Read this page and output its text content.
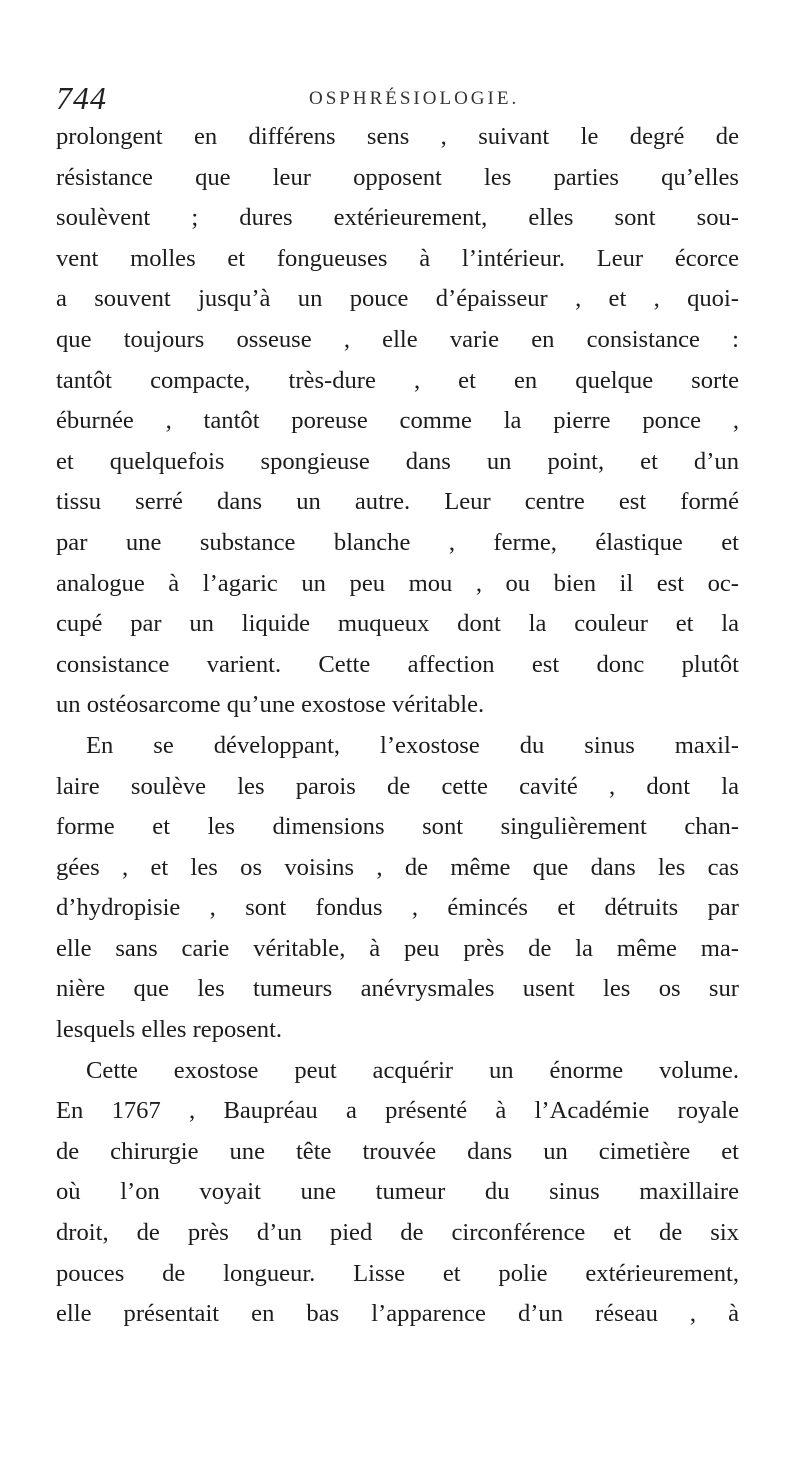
744	OSPHRÉSIOLOGIE.
prolongent en différens sens , suivant le degré de
résistance que leur opposent les parties qu’elles
soulèvent ; dures extérieurement, elles sont sou-
vent molles et fongueuses à l’intérieur. Leur écorce
a souvent jusqu’à un pouce d’épaisseur , et , quoi-
que toujours osseuse , elle varie en consistance :
tantôt compacte, très-dure , et en quelque sorte
éburnée , tantôt poreuse comme la pierre ponce ,
et quelquefois spongieuse dans un point, et d’un
tissu serré dans un autre. Leur centre est formé
par une substance blanche , ferme, élastique et
analogue à l’agaric un peu mou , ou bien il est oc-
cupé par un liquide muqueux dont la couleur et la
consistance varient. Cette affection est donc plutôt
un ostéosarcome qu’une exostose véritable.
En se développant, l’exostose du sinus maxil-
laire soulève les parois de cette cavité , dont la
forme et les dimensions sont singulièrement chan-
gées , et les os voisins , de même que dans les cas
d’hydropisie , sont fondus , émincés et détruits par
elle sans carie véritable, à peu près de la même ma-
nière que les tumeurs anévrysmales usent les os sur
lesquels elles reposent.
Cette exostose peut acquérir un énorme volume.
En 1767 , Baupréau a présenté à l’Académie royale
de chirurgie une tête trouvée dans un cimetière et
où l’on voyait une tumeur du sinus maxillaire
droit, de près d’un pied de circonférence et de six
pouces de longueur. Lisse et polie extérieurement,
elle présentait en bas l’apparence d’un réseau , à
